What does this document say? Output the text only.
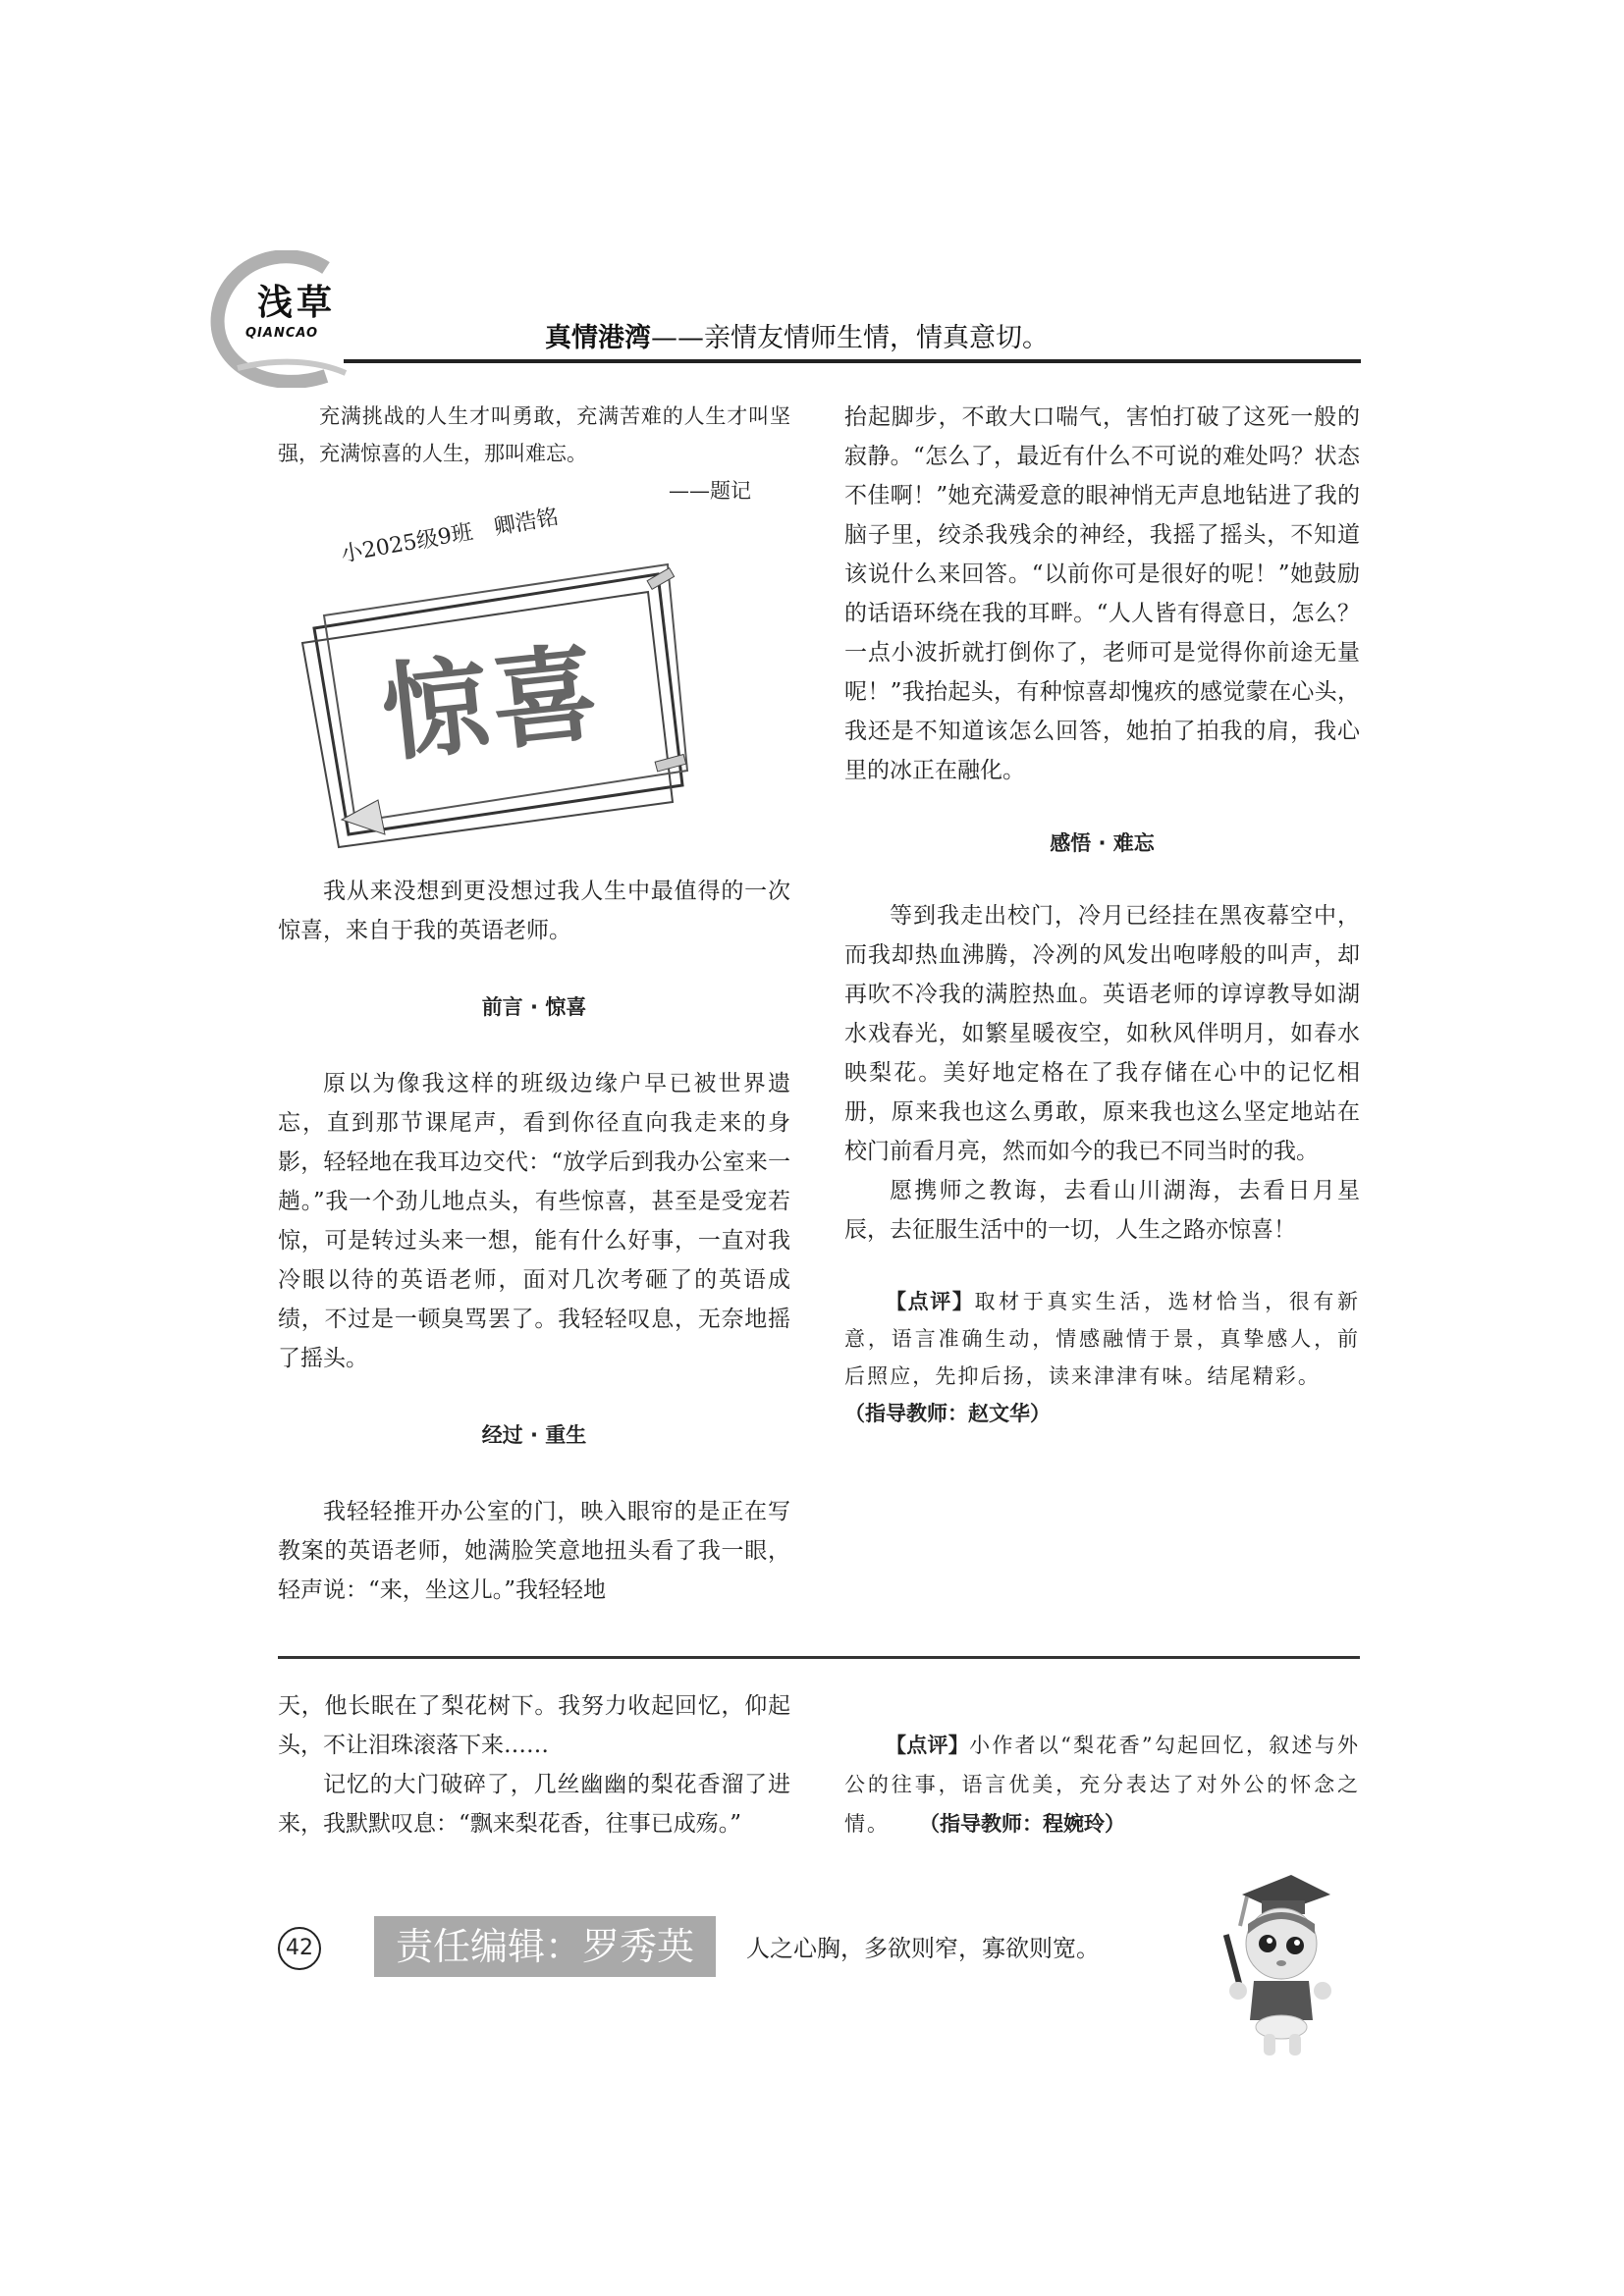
浅草
QIANCAO	真情港湾——亲情友情师生情，情真意切。

充满挑战的人生才叫勇敢，充满苦难的人生才叫坚强，充满惊喜的人生，那叫难忘。

——题记

小2025级9班　卿浩铭
惊喜

我从来没想到更没想过我人生中最值得的一次惊喜，来自于我的英语老师。

前言 · 惊喜

原以为像我这样的班级边缘户早已被世界遗忘，直到那节课尾声，看到你径直向我走来的身影，轻轻地在我耳边交代：“放学后到我办公室来一趟。”我一个劲儿地点头，有些惊喜，甚至是受宠若惊，可是转过头来一想，能有什么好事，一直对我冷眼以待的英语老师，面对几次考砸了的英语成绩，不过是一顿臭骂罢了。我轻轻叹息，无奈地摇了摇头。

经过 · 重生

我轻轻推开办公室的门，映入眼帘的是正在写教案的英语老师，她满脸笑意地扭头看了我一眼，轻声说：“来，坐这儿。”我轻轻地

抬起脚步，不敢大口喘气，害怕打破了这死一般的寂静。“怎么了，最近有什么不可说的难处吗？状态不佳啊！”她充满爱意的眼神悄无声息地钻进了我的脑子里，绞杀我残余的神经，我摇了摇头，不知道该说什么来回答。“以前你可是很好的呢！”她鼓励的话语环绕在我的耳畔。“人人皆有得意日，怎么？一点小波折就打倒你了，老师可是觉得你前途无量呢！”我抬起头，有种惊喜却愧疚的感觉蒙在心头，我还是不知道该怎么回答，她拍了拍我的肩，我心里的冰正在融化。

感悟 · 难忘

等到我走出校门，冷月已经挂在黑夜幕空中，而我却热血沸腾，冷冽的风发出咆哮般的叫声，却再吹不冷我的满腔热血。英语老师的谆谆教导如湖水戏春光，如繁星暖夜空，如秋风伴明月，如春水映梨花。美好地定格在了我存储在心中的记忆相册，原来我也这么勇敢，原来我也这么坚定地站在校门前看月亮，然而如今的我已不同当时的我。

愿携师之教诲，去看山川湖海，去看日月星辰，去征服生活中的一切，人生之路亦惊喜！

【点评】取材于真实生活，选材恰当，很有新意，语言准确生动，情感融情于景，真挚感人，前后照应，先抑后扬，读来津津有味。结尾精彩。（指导教师：赵文华）

天，他长眠在了梨花树下。我努力收起回忆，仰起头，不让泪珠滚落下来……

记忆的大门破碎了，几丝幽幽的梨花香溜了进来，我默默叹息：“飘来梨花香，往事已成殇。”

【点评】小作者以“梨花香”勾起回忆，叙述与外公的往事，语言优美，充分表达了对外公的怀念之情。 （指导教师：程婉玲）

42	责任编辑：罗秀英	人之心胸，多欲则窄，寡欲则宽。
